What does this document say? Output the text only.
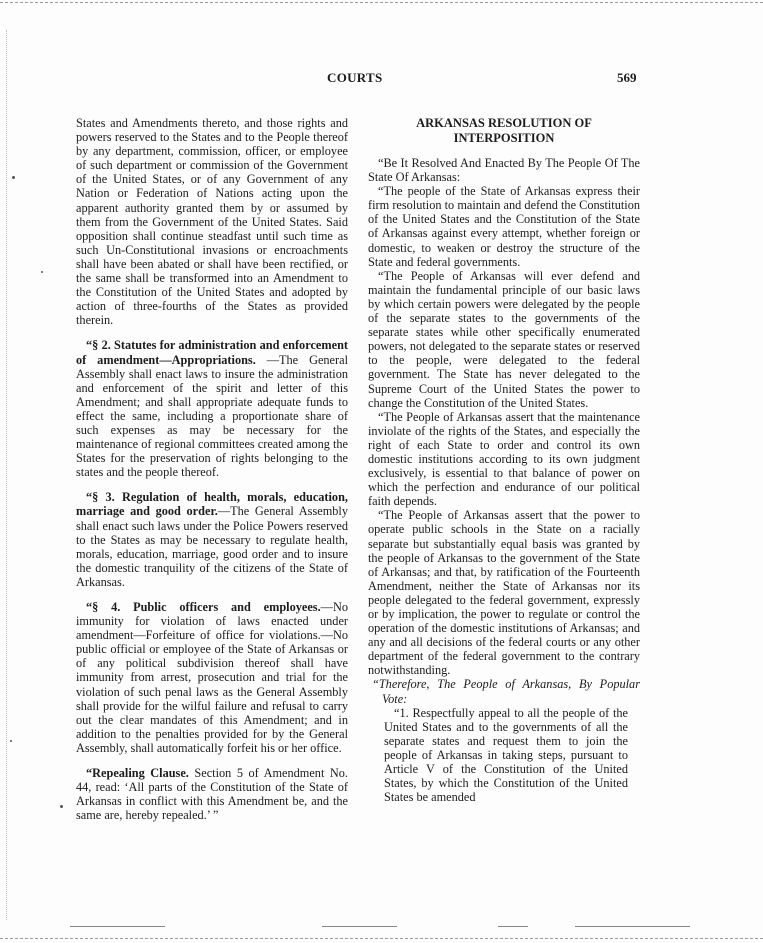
COURTS	569

States and Amendments thereto, and those rights and powers reserved to the States and to the People thereof by any department, commission, officer, or employee of such department or commission of the Government of the United States, or of any Government of any Nation or Federation of Nations acting upon the apparent authority granted them by or assumed by them from the Government of the United States. Said opposition shall continue steadfast until such time as such Un-Constitutional invasions or encroachments shall have been abated or shall have been rectified, or the same shall be transformed into an Amendment to the Constitution of the United States and adopted by action of three-fourths of the States as provided therein.

“§ 2. Statutes for administration and enforcement of amendment—Appropriations. —The General Assembly shall enact laws to insure the administration and enforcement of the spirit and letter of this Amendment; and shall appropriate adequate funds to effect the same, including a proportionate share of such expenses as may be necessary for the maintenance of regional committees created among the States for the preservation of rights belonging to the states and the people thereof.

“§ 3. Regulation of health, morals, education, marriage and good order.—The General Assembly shall enact such laws under the Police Powers reserved to the States as may be necessary to regulate health, morals, education, marriage, good order and to insure the domestic tranquility of the citizens of the State of Arkansas.

“§ 4. Public officers and employees.—No immunity for violation of laws enacted under amendment—Forfeiture of office for violations.—No public official or employee of the State of Arkansas or of any political subdivision thereof shall have immunity from arrest, prosecution and trial for the violation of such penal laws as the General Assembly shall provide for the wilful failure and refusal to carry out the clear mandates of this Amendment; and in addition to the penalties provided for by the General Assembly, shall automatically forfeit his or her office.

“Repealing Clause. Section 5 of Amendment No. 44, read: ‘All parts of the Constitution of the State of Arkansas in conflict with this Amendment be, and the same are, hereby repealed.’ ”

ARKANSAS RESOLUTION OF INTERPOSITION

“Be It Resolved And Enacted By The People Of The State Of Arkansas:

“The people of the State of Arkansas express their firm resolution to maintain and defend the Constitution of the United States and the Constitution of the State of Arkansas against every attempt, whether foreign or domestic, to weaken or destroy the structure of the State and federal governments.

“The People of Arkansas will ever defend and maintain the fundamental principle of our basic laws by which certain powers were delegated by the people of the separate states to the governments of the separate states while other specifically enumerated powers, not delegated to the separate states or reserved to the people, were delegated to the federal government. The State has never delegated to the Supreme Court of the United States the power to change the Constitution of the United States.

“The People of Arkansas assert that the maintenance inviolate of the rights of the States, and especially the right of each State to order and control its own domestic institutions according to its own judgment exclusively, is essential to that balance of power on which the perfection and endurance of our political faith depends.

“The People of Arkansas assert that the power to operate public schools in the State on a racially separate but substantially equal basis was granted by the people of Arkansas to the government of the State of Arkansas; and that, by ratification of the Fourteenth Amendment, neither the State of Arkansas nor its people delegated to the federal government, expressly or by implication, the power to regulate or control the operation of the domestic institutions of Arkansas; and any and all decisions of the federal courts or any other department of the federal government to the contrary notwithstanding.

“Therefore, The People of Arkansas, By Popular Vote:

“1. Respectfully appeal to all the people of the United States and to the governments of all the separate states and request them to join the people of Arkansas in taking steps, pursuant to Article V of the Constitution of the United States, by which the Constitution of the United States be amended
